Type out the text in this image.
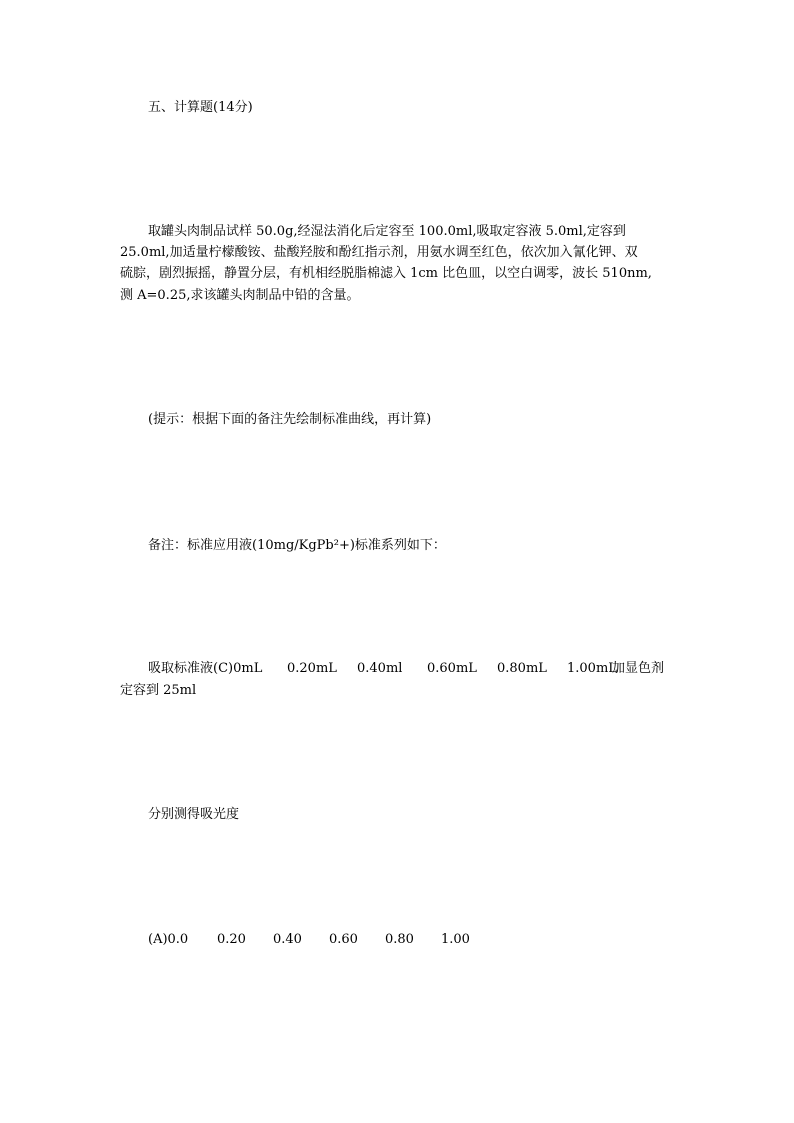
五、计算题(14分)
取罐头肉制品试样 50.0g,经湿法消化后定容至 100.0ml,吸取定容液 5.0ml,定容到
25.0ml,加适量柠檬酸铵、盐酸羟胺和酚红指示剂，用氨水调至红色，依次加入氰化钾、双
硫腙，剧烈振摇，静置分层，有机相经脱脂棉滤入 1cm 比色皿，以空白调零，波长 510nm,
测 A=0.25,求该罐头肉制品中铅的含量。
(提示：根据下面的备注先绘制标准曲线，再计算)
备注：标准应用液(10mg/KgPb²+)标准系列如下：
吸取标准液(C)0mL	0.20mL	0.40ml	0.60mL	0.80mL	1.00mL
加显色剂
定容到 25ml
分别测得吸光度
(A)0.0	0.20	0.40	0.60	0.80	1.00
